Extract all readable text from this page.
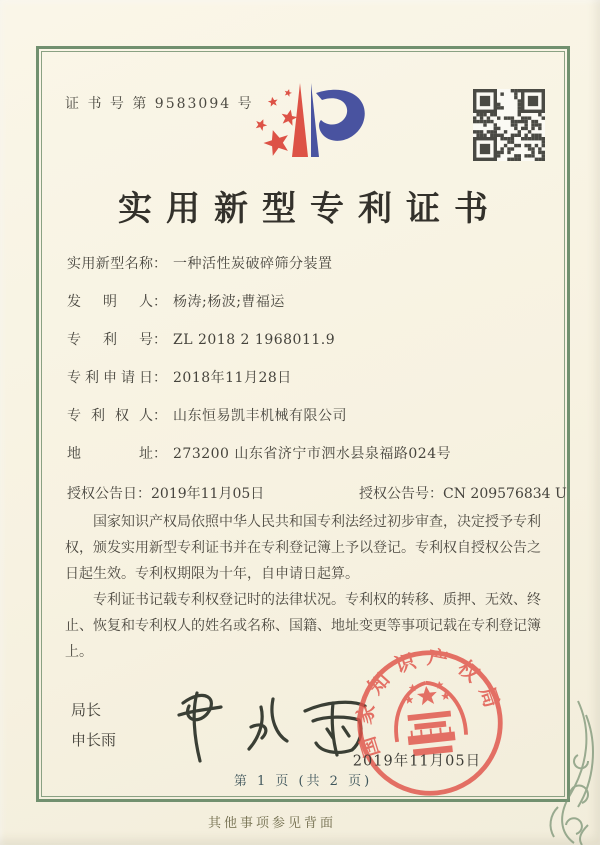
证 书 号 第 9583094 号
实用新型专利证书
实用新型名称： 一种活性炭破碎筛分装置
发明人： 杨涛;杨波;曹福运
专利号： ZL 2018 2 1968011.9
专利申请日： 2018年11月28日
专利权人： 山东恒易凯丰机械有限公司
地址： 273200 山东省济宁市泗水县泉福路024号
授权公告日：2019年11月05日	授权公告号：CN 209576834 U

国家知识产权局依照中华人民共和国专利法经过初步审查，决定授予专利权，颁发实用新型专利证书并在专利登记簿上予以登记。专利权自授权公告之日起生效。专利权期限为十年，自申请日起算。

专利证书记载专利权登记时的法律状况。专利权的转移、质押、无效、终止、恢复和专利权人的姓名或名称、国籍、地址变更等事项记载在专利登记簿上。

局长
申长雨	国家知识产权局
2019年11月05日
第 1 页 (共 2 页)
其他事项参见背面
